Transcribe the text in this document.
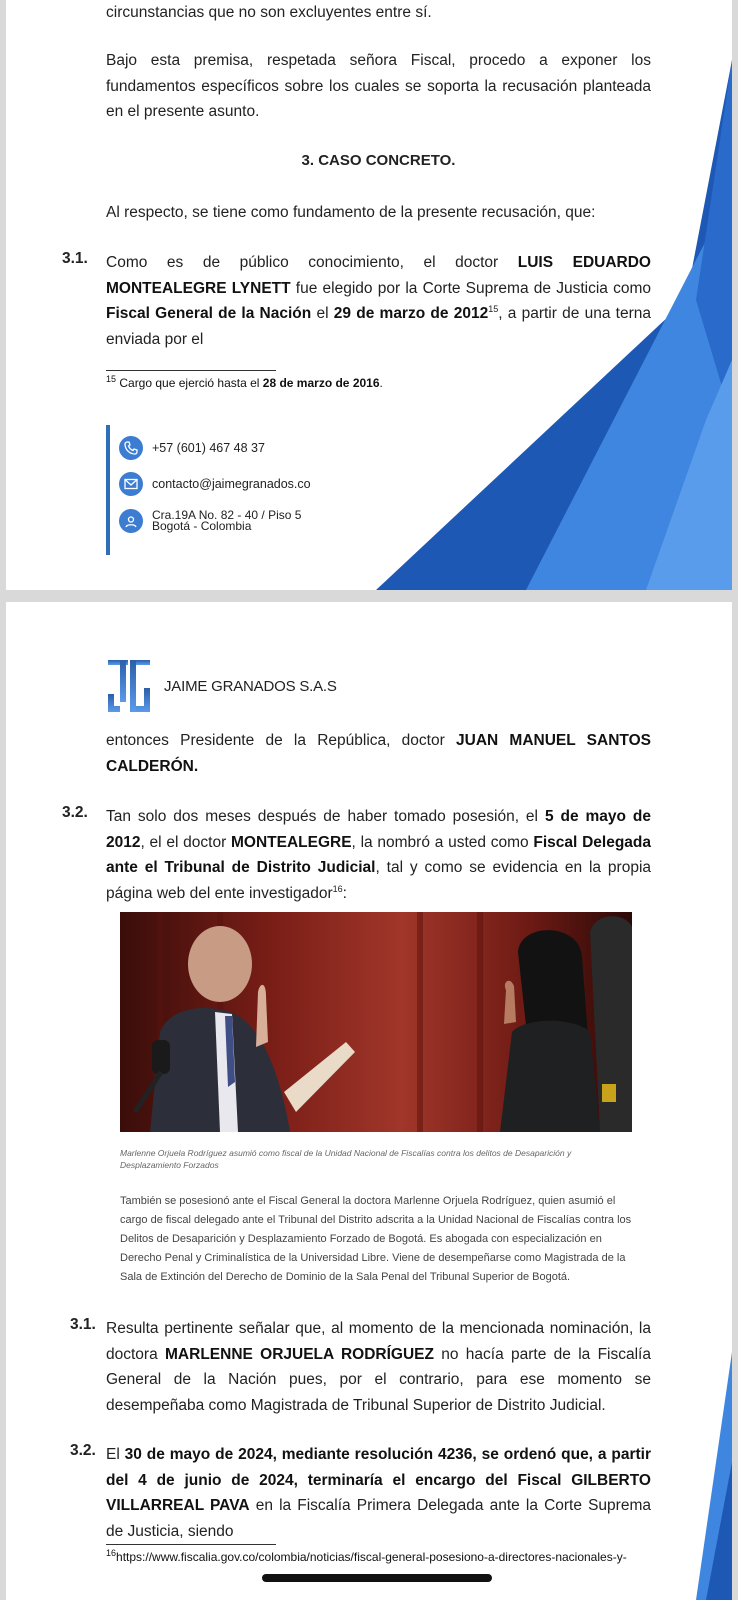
circunstancias que no son excluyentes entre sí.
Bajo esta premisa, respetada señora Fiscal, procedo a exponer los fundamentos específicos sobre los cuales se soporta la recusación planteada en el presente asunto.
3. CASO CONCRETO.
Al respecto, se tiene como fundamento de la presente recusación, que:
3.1. Como es de público conocimiento, el doctor LUIS EDUARDO MONTEALEGRE LYNETT fue elegido por la Corte Suprema de Justicia como Fiscal General de la Nación el 29 de marzo de 2012$^{15}$, a partir de una terna enviada por el
$^{15}$ Cargo que ejerció hasta el 28 de marzo de 2016.
+57 (601) 467 48 37
contacto@jaimegranados.co
Cra.19A No. 82 - 40 / Piso 5
Bogotá - Colombia
JAIME GRANADOS S.A.S
entonces Presidente de la República, doctor JUAN MANUEL SANTOS CALDERÓN.
3.2. Tan solo dos meses después de haber tomado posesión, el 5 de mayo de 2012, el el doctor MONTEALEGRE, la nombró a usted como Fiscal Delegada ante el Tribunal de Distrito Judicial, tal y como se evidencia en la propia página web del ente investigador$^{16}$:
Marlenne Orjuela Rodríguez asumió como fiscal de la Unidad Nacional de Fiscalías contra los delitos de Desaparición y Desplazamiento Forzados
También se posesionó ante el Fiscal General la doctora Marlenne Orjuela Rodríguez, quien asumió el cargo de fiscal delegado ante el Tribunal del Distrito adscrita a la Unidad Nacional de Fiscalías contra los Delitos de Desaparición y Desplazamiento Forzado de Bogotá. Es abogada con especialización en Derecho Penal y Criminalística de la Universidad Libre. Viene de desempeñarse como Magistrada de la Sala de Extinción del Derecho de Dominio de la Sala Penal del Tribunal Superior de Bogotá.
3.1. Resulta pertinente señalar que, al momento de la mencionada nominación, la doctora MARLENNE ORJUELA RODRÍGUEZ no hacía parte de la Fiscalía General de la Nación pues, por el contrario, para ese momento se desempeñaba como Magistrada de Tribunal Superior de Distrito Judicial.
3.2. El 30 de mayo de 2024, mediante resolución 4236, se ordenó que, a partir del 4 de junio de 2024, terminaría el encargo del Fiscal GILBERTO VILLARREAL PAVA en la Fiscalía Primera Delegada ante la Corte Suprema de Justicia, siendo
$^{16}$https://www.fiscalia.gov.co/colombia/noticias/fiscal-general-posesiono-a-directores-nacionales-y-
